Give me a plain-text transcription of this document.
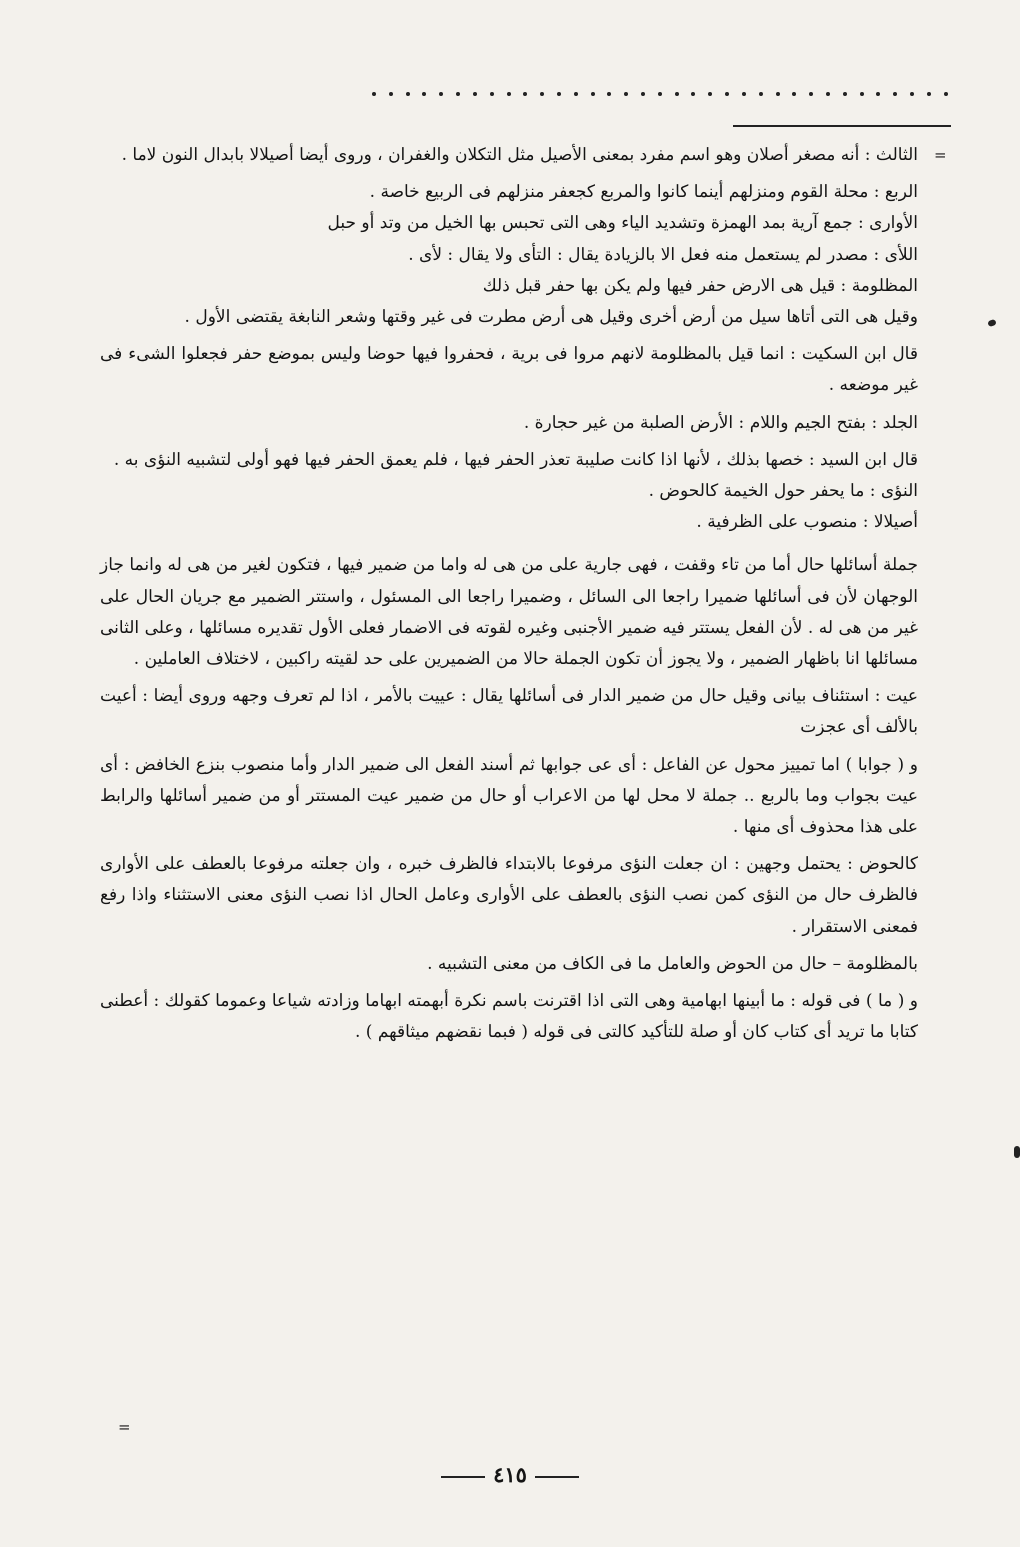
=

الثالث : أنه مصغر أصلان وهو اسم مفرد بمعنى الأصيل مثل التكلان والغفران ، وروى أيضا أصيلالا بابدال النون لاما .

الربع : محلة القوم ومنزلهم أينما كانوا والمربع كجعفر منزلهم فى الربيع خاصة .

الأوارى : جمع آرية بمد الهمزة وتشديد الياء وهى التى تحبس بها الخيل من وتد أو حبل

اللأى : مصدر لم يستعمل منه فعل الا بالزيادة يقال : التأى ولا يقال : لأى .

المظلومة : قيل هى الارض حفر فيها ولم يكن بها حفر قبل ذلك

وقيل هى التى أتاها سيل من أرض أخرى وقيل هى أرض مطرت فى غير وقتها وشعر النابغة يقتضى الأول .

قال ابن السكيت : انما قيل بالمظلومة لانهم مروا فى برية ، فحفروا فيها حوضا وليس بموضع حفر فجعلوا الشىء فى غير موضعه .

الجلد : بفتح الجيم واللام : الأرض الصلبة من غير حجارة .

قال ابن السيد : خصها بذلك ، لأنها اذا كانت صليبة تعذر الحفر فيها ، فلم يعمق الحفر فيها فهو أولى لتشبيه النؤى به .

النؤى : ما يحفر حول الخيمة كالحوض .

أصيلالا : منصوب على الظرفية .

جملة أسائلها حال أما من تاء وقفت ، فهى جارية على من هى له واما من ضمير فيها ، فتكون لغير من هى له وانما جاز الوجهان لأن فى أسائلها ضميرا راجعا الى السائل ، وضميرا راجعا الى المسئول ، واستتر الضمير مع جريان الحال على غير من هى له . لأن الفعل يستتر فيه ضمير الأجنبى وغيره لقوته فى الاضمار فعلى الأول تقديره مسائلها ، وعلى الثانى مسائلها انا باظهار الضمير ، ولا يجوز أن تكون الجملة حالا من الضميرين على حد لقيته راكبين ، لاختلاف العاملين .

عيت : استئناف بيانى وقيل حال من ضمير الدار فى أسائلها يقال : عييت بالأمر ، اذا لم تعرف وجهه وروى أيضا : أعيت بالألف أى عجزت

و ( جوابا ) اما تمييز محول عن الفاعل : أى عى جوابها ثم أسند الفعل الى ضمير الدار وأما منصوب بنزع الخافض : أى عيت بجواب وما بالربع .. جملة لا محل لها من الاعراب أو حال من ضمير عيت المستتر أو من ضمير أسائلها والرابط على هذا محذوف أى منها .

كالحوض : يحتمل وجهين : ان جعلت النؤى مرفوعا بالابتداء فالظرف خبره ، وان جعلته مرفوعا بالعطف على الأوارى فالظرف حال من النؤى كمن نصب النؤى بالعطف على الأوارى وعامل الحال اذا نصب النؤى معنى الاستثناء واذا رفع فمعنى الاستقرار .

بالمظلومة – حال من الحوض والعامل ما فى الكاف من معنى التشبيه .

و ( ما ) فى قوله : ما أبينها ابهامية وهى التى اذا اقترنت باسم نكرة أبهمته ابهاما وزادته شياعا وعموما كقولك : أعطنى كتابا ما تريد أى كتاب كان أو صلة للتأكيد كالتى فى قوله ( فبما نقضهم ميثاقهم ) .

=
٤١٥
